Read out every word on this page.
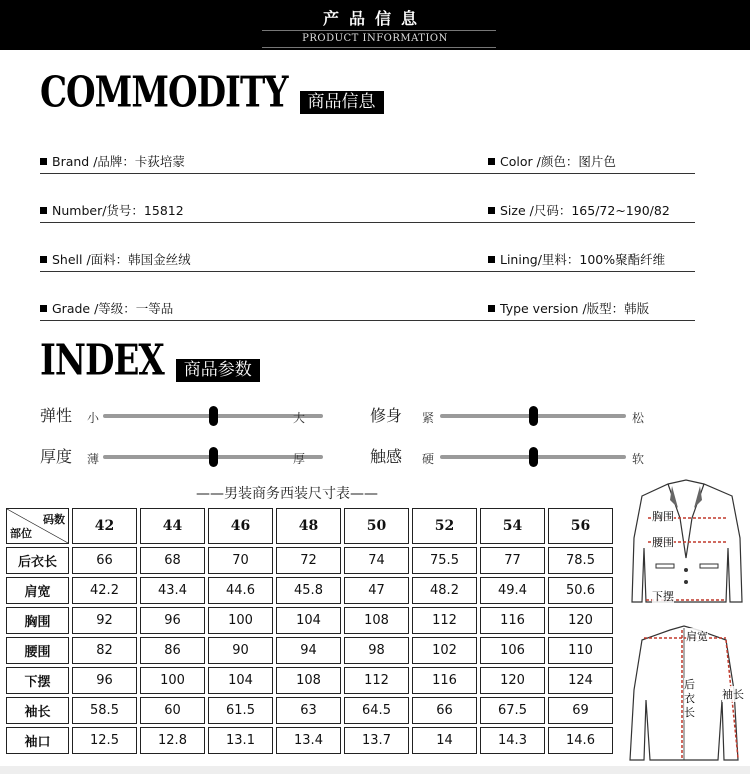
产品信息
PRODUCT INFORMATION
COMMODITY	商品信息
Brand /品牌：卡荻培蒙	Color /颜色：图片色
Number/货号：15812	Size /尺码：165/72~190/82
Shell /面料：韩国金丝绒	Lining/里料：100%聚酯纤维
Grade /等级：一等品	Type version /版型：韩版
INDEX	商品参数
弹性 小	大	修身 紧	松
厚度 薄	厚	触感 硬	软
——男装商务西装尺寸表——
码数
部位	42	44	46	48	50	52	54	56
后衣长	66	68	70	72	74	75.5	77	78.5
肩宽	42.2	43.4	44.6	45.8	47	48.2	49.4	50.6
胸围	92	96	100	104	108	112	116	120
腰围	82	86	90	94	98	102	106	110
下摆	96	100	104	108	112	116	120	124
袖长	58.5	60	61.5	63	64.5	66	67.5	69
袖口	12.5	12.8	13.1	13.4	13.7	14	14.3	14.6
胸围
腰围
下摆
肩宽
后衣长
袖长
